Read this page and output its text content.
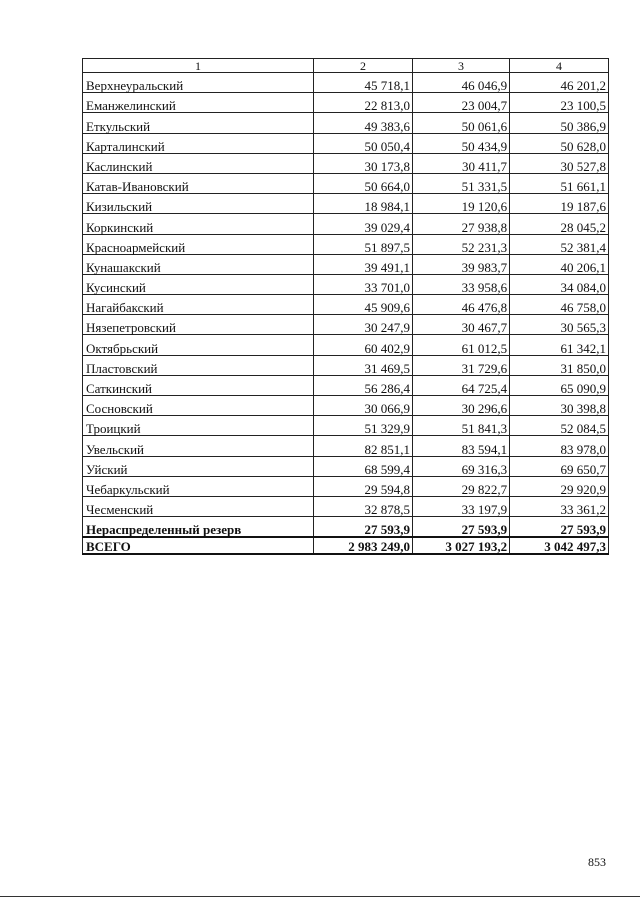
1	2	3	4
Верхнеуральский	45 718,1	46 046,9	46 201,2
Еманжелинский	22 813,0	23 004,7	23 100,5
Еткульский	49 383,6	50 061,6	50 386,9
Карталинский	50 050,4	50 434,9	50 628,0
Каслинский	30 173,8	30 411,7	30 527,8
Катав-Ивановский	50 664,0	51 331,5	51 661,1
Кизильский	18 984,1	19 120,6	19 187,6
Коркинский	39 029,4	27 938,8	28 045,2
Красноармейский	51 897,5	52 231,3	52 381,4
Кунашакский	39 491,1	39 983,7	40 206,1
Кусинский	33 701,0	33 958,6	34 084,0
Нагайбакский	45 909,6	46 476,8	46 758,0
Нязепетровский	30 247,9	30 467,7	30 565,3
Октябрьский	60 402,9	61 012,5	61 342,1
Пластовский	31 469,5	31 729,6	31 850,0
Саткинский	56 286,4	64 725,4	65 090,9
Сосновский	30 066,9	30 296,6	30 398,8
Троицкий	51 329,9	51 841,3	52 084,5
Увельский	82 851,1	83 594,1	83 978,0
Уйский	68 599,4	69 316,3	69 650,7
Чебаркульский	29 594,8	29 822,7	29 920,9
Чесменский	32 878,5	33 197,9	33 361,2
Нераспределенный резерв	27 593,9	27 593,9	27 593,9
ВСЕГО	2 983 249,0	3 027 193,2	3 042 497,3
853
